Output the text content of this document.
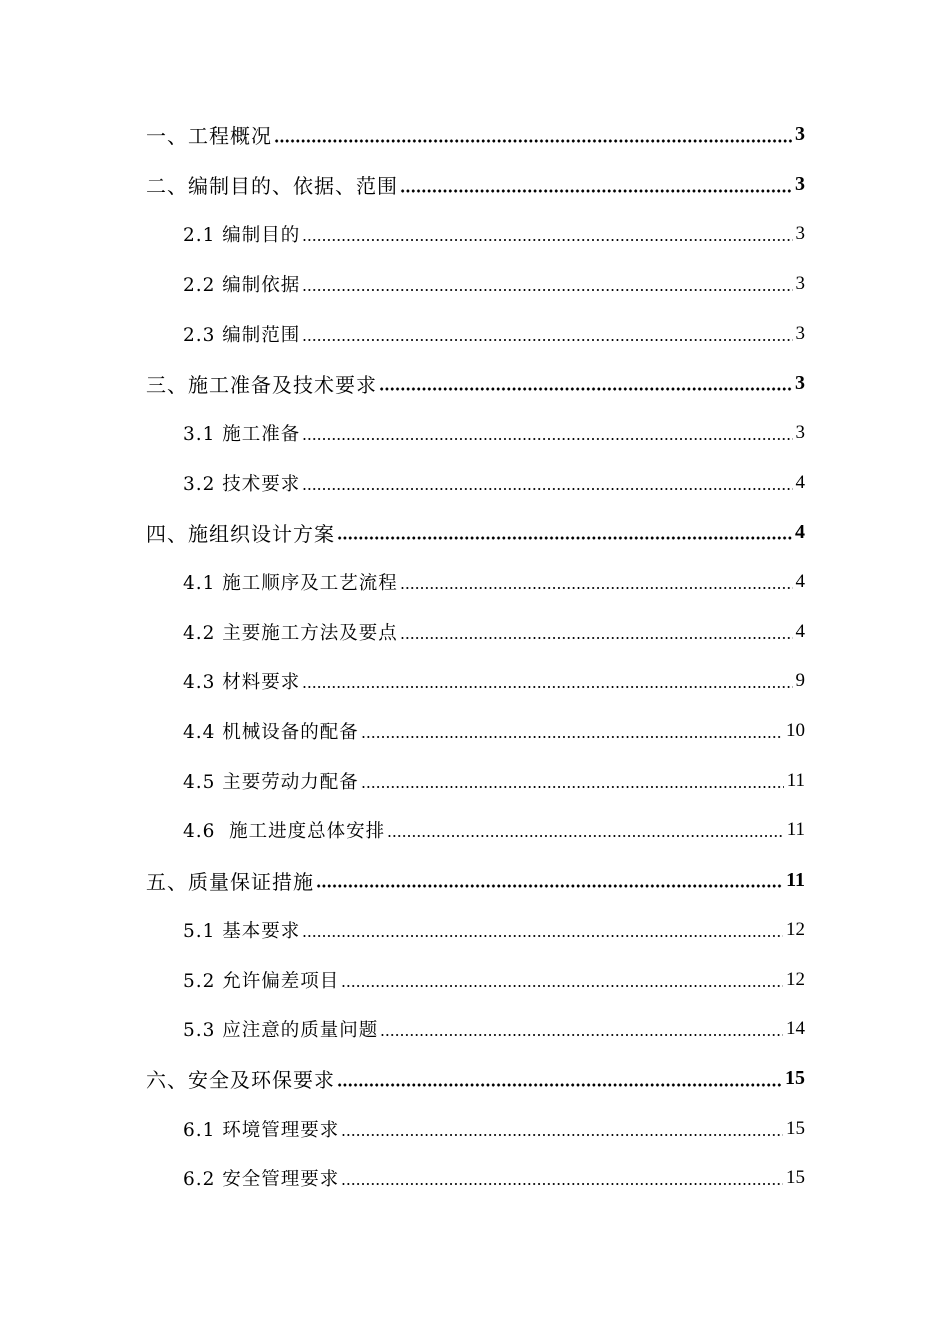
一、工程概况	3
二、编制目的、依据、范围	3
2.1 编制目的	3
2.2 编制依据	3
2.3 编制范围	3
三、施工准备及技术要求	3
3.1 施工准备	3
3.2 技术要求	4
四、施组织设计方案	4
4.1 施工顺序及工艺流程	4
4.2 主要施工方法及要点	4
4.3 材料要求	9
4.4 机械设备的配备	10
4.5 主要劳动力配备	11
4.6  施工进度总体安排	11
五、质量保证措施	11
5.1 基本要求	12
5.2 允许偏差项目	12
5.3 应注意的质量问题	14
六、安全及环保要求	15
6.1 环境管理要求	15
6.2 安全管理要求	15
